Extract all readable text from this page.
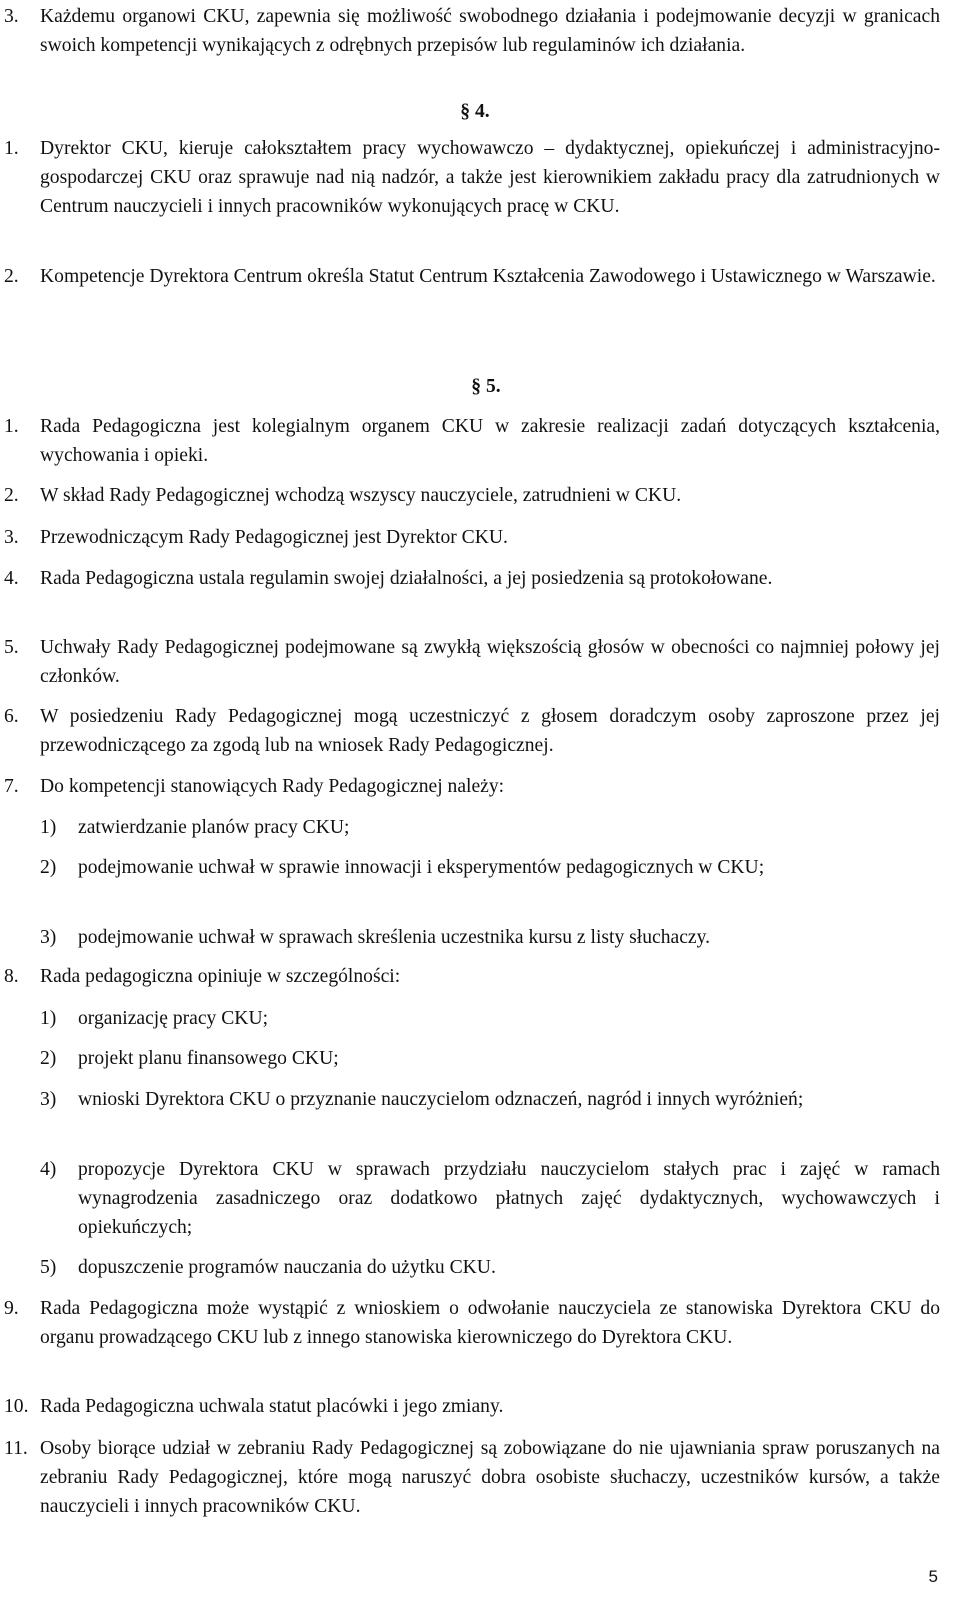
3.	Każdemu organowi CKU, zapewnia się możliwość swobodnego działania i podejmowanie decyzji w granicach swoich kompetencji wynikających z odrębnych przepisów lub regulaminów ich działania.
§ 4.
1.	Dyrektor CKU, kieruje całokształtem pracy wychowawczo – dydaktycznej, opiekuńczej i administracyjno- gospodarczej CKU oraz sprawuje nad nią nadzór, a także jest kierownikiem zakładu pracy dla zatrudnionych w Centrum nauczycieli i innych pracowników wykonujących pracę w CKU.
2.	Kompetencje Dyrektora Centrum określa Statut Centrum Kształcenia Zawodowego i Ustawicznego w Warszawie.
§ 5.
1.	Rada Pedagogiczna jest kolegialnym organem CKU w zakresie realizacji zadań dotyczących kształcenia, wychowania i opieki.
2.	W skład Rady Pedagogicznej wchodzą wszyscy nauczyciele, zatrudnieni w CKU.
3.	Przewodniczącym Rady Pedagogicznej jest Dyrektor CKU.
4.	Rada Pedagogiczna ustala regulamin swojej działalności, a jej posiedzenia są protokołowane.
5.	Uchwały Rady Pedagogicznej podejmowane są zwykłą większością głosów w obecności co najmniej połowy jej członków.
6.	W posiedzeniu Rady Pedagogicznej mogą uczestniczyć z głosem doradczym osoby zaproszone przez jej przewodniczącego za zgodą lub na wniosek Rady Pedagogicznej.
7.	Do kompetencji stanowiących Rady Pedagogicznej należy:
1)	zatwierdzanie planów pracy CKU;
2)	podejmowanie uchwał w sprawie innowacji i eksperymentów pedagogicznych w CKU;
3)	podejmowanie uchwał w sprawach skreślenia uczestnika kursu z listy słuchaczy.
8.	Rada pedagogiczna opiniuje w szczególności:
1)	organizację pracy CKU;
2)	projekt planu finansowego CKU;
3)	wnioski Dyrektora CKU o przyznanie nauczycielom odznaczeń, nagród i innych wyróżnień;
4)	propozycje Dyrektora CKU w sprawach przydziału nauczycielom stałych prac i zajęć w ramach wynagrodzenia zasadniczego oraz dodatkowo płatnych zajęć dydaktycznych, wychowawczych i opiekuńczych;
5)	dopuszczenie programów nauczania do użytku CKU.
9.	Rada Pedagogiczna może wystąpić z wnioskiem o odwołanie nauczyciela ze stanowiska Dyrektora CKU do organu prowadzącego CKU lub z innego stanowiska kierowniczego do Dyrektora CKU.
10. Rada Pedagogiczna uchwala statut placówki i jego zmiany.
11. Osoby biorące udział w zebraniu Rady Pedagogicznej są zobowiązane do nie ujawniania spraw poruszanych na zebraniu Rady Pedagogicznej, które mogą naruszyć dobra osobiste słuchaczy, uczestników kursów, a także nauczycieli i innych pracowników CKU.
5
